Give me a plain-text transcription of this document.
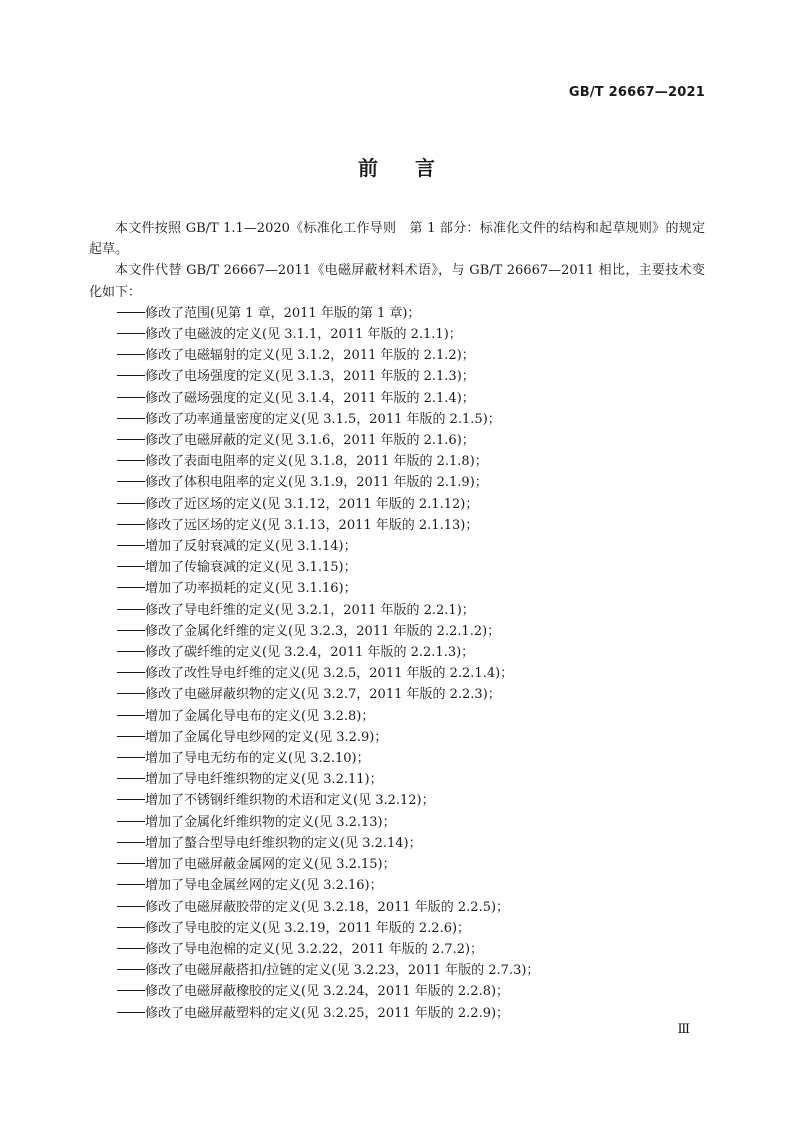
GB/T 26667—2021
前 言

本文件按照 GB/T 1.1—2020《标准化工作导则　第 1 部分：标准化文件的结构和起草规则》的规定起草。

本文件代替 GB/T 26667—2011《电磁屏蔽材料术语》，与 GB/T 26667—2011 相比，主要技术变化如下：

修改了范围(见第 1 章，2011 年版的第 1 章)；
修改了电磁波的定义(见 3.1.1，2011 年版的 2.1.1)；
修改了电磁辐射的定义(见 3.1.2，2011 年版的 2.1.2)；
修改了电场强度的定义(见 3.1.3，2011 年版的 2.1.3)；
修改了磁场强度的定义(见 3.1.4，2011 年版的 2.1.4)；
修改了功率通量密度的定义(见 3.1.5，2011 年版的 2.1.5)；
修改了电磁屏蔽的定义(见 3.1.6，2011 年版的 2.1.6)；
修改了表面电阻率的定义(见 3.1.8，2011 年版的 2.1.8)；
修改了体积电阻率的定义(见 3.1.9，2011 年版的 2.1.9)；
修改了近区场的定义(见 3.1.12，2011 年版的 2.1.12)；
修改了远区场的定义(见 3.1.13，2011 年版的 2.1.13)；
增加了反射衰减的定义(见 3.1.14)；
增加了传输衰减的定义(见 3.1.15)；
增加了功率损耗的定义(见 3.1.16)；
修改了导电纤维的定义(见 3.2.1，2011 年版的 2.2.1)；
修改了金属化纤维的定义(见 3.2.3，2011 年版的 2.2.1.2)；
修改了碳纤维的定义(见 3.2.4，2011 年版的 2.2.1.3)；
修改了改性导电纤维的定义(见 3.2.5，2011 年版的 2.2.1.4)；
修改了电磁屏蔽织物的定义(见 3.2.7，2011 年版的 2.2.3)；
增加了金属化导电布的定义(见 3.2.8)；
增加了金属化导电纱网的定义(见 3.2.9)；
增加了导电无纺布的定义(见 3.2.10)；
增加了导电纤维织物的定义(见 3.2.11)；
增加了不锈钢纤维织物的术语和定义(见 3.2.12)；
增加了金属化纤维织物的定义(见 3.2.13)；
增加了螯合型导电纤维织物的定义(见 3.2.14)；
增加了电磁屏蔽金属网的定义(见 3.2.15)；
增加了导电金属丝网的定义(见 3.2.16)；
修改了电磁屏蔽胶带的定义(见 3.2.18，2011 年版的 2.2.5)；
修改了导电胶的定义(见 3.2.19，2011 年版的 2.2.6)；
修改了导电泡棉的定义(见 3.2.22，2011 年版的 2.7.2)；
修改了电磁屏蔽搭扣/拉链的定义(见 3.2.23，2011 年版的 2.7.3)；
修改了电磁屏蔽橡胶的定义(见 3.2.24，2011 年版的 2.2.8)；
修改了电磁屏蔽塑料的定义(见 3.2.25，2011 年版的 2.2.9)；
Ⅲ
